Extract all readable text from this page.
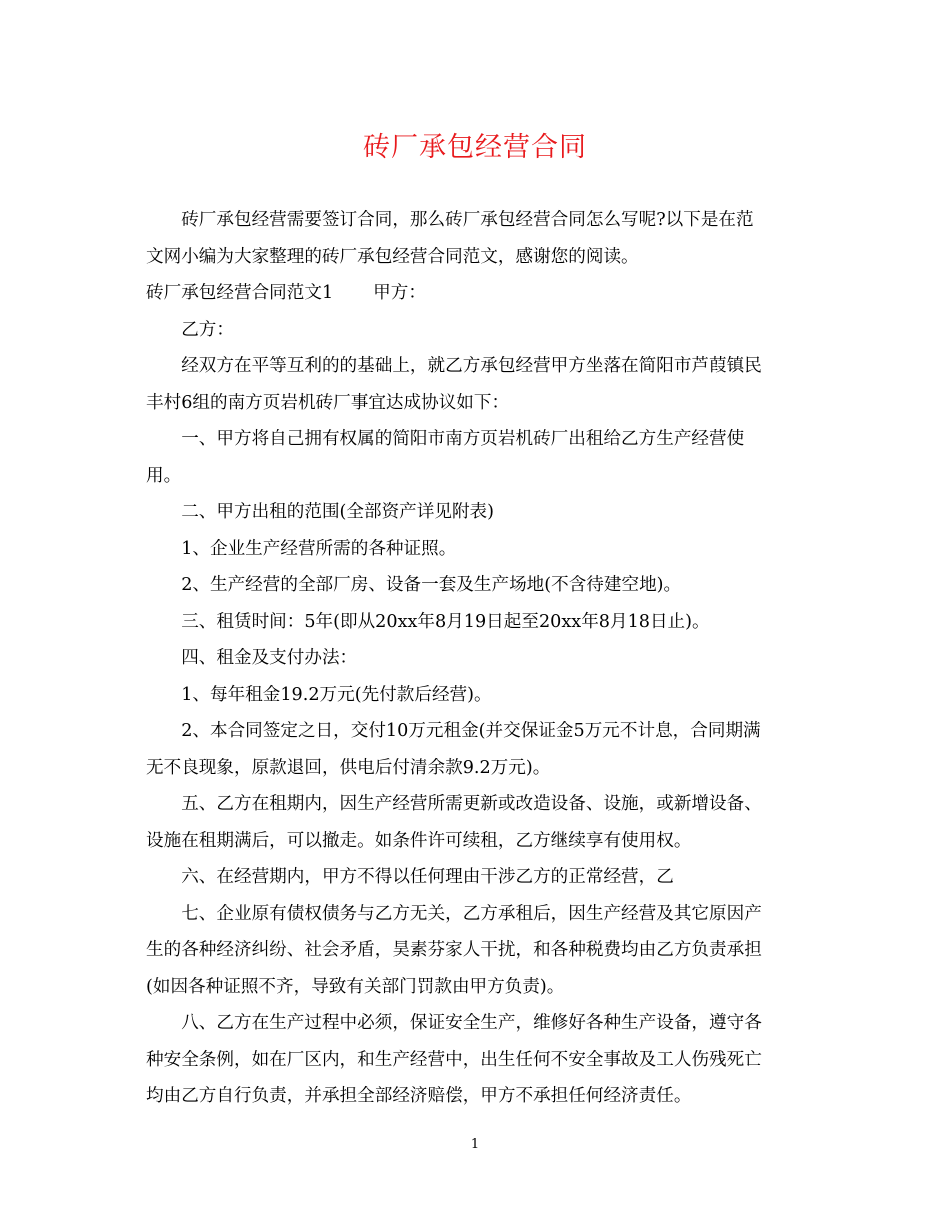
砖厂承包经营合同

砖厂承包经营需要签订合同，那么砖厂承包经营合同怎么写呢?以下是在范

文网小编为大家整理的砖厂承包经营合同范文，感谢您的阅读。

砖厂承包经营合同范文1 甲方：

乙方：

经双方在平等互利的的基础上，就乙方承包经营甲方坐落在简阳市芦葭镇民

丰村6组的南方页岩机砖厂事宜达成协议如下：

一、甲方将自己拥有权属的简阳市南方页岩机砖厂出租给乙方生产经营使

用。

二、甲方出租的范围(全部资产详见附表)

1、企业生产经营所需的各种证照。

2、生产经营的全部厂房、设备一套及生产场地(不含待建空地)。

三、租赁时间：5年(即从20xx年8月19日起至20xx年8月18日止)。

四、租金及支付办法：

1、每年租金19.2万元(先付款后经营)。

2、本合同签定之日，交付10万元租金(并交保证金5万元不计息，合同期满

无不良现象，原款退回，供电后付清余款9.2万元)。

五、乙方在租期内，因生产经营所需更新或改造设备、设施，或新增设备、

设施在租期满后，可以撤走。如条件许可续租，乙方继续享有使用权。

六、在经营期内，甲方不得以任何理由干涉乙方的正常经营，乙

七、企业原有债权债务与乙方无关，乙方承租后，因生产经营及其它原因产

生的各种经济纠纷、社会矛盾，昊素芬家人干扰，和各种税费均由乙方负责承担

(如因各种证照不齐，导致有关部门罚款由甲方负责)。

八、乙方在生产过程中必须，保证安全生产，维修好各种生产设备，遵守各

种安全条例，如在厂区内，和生产经营中，出生任何不安全事故及工人伤残死亡

均由乙方自行负责，并承担全部经济赔偿，甲方不承担任何经济责任。

1
